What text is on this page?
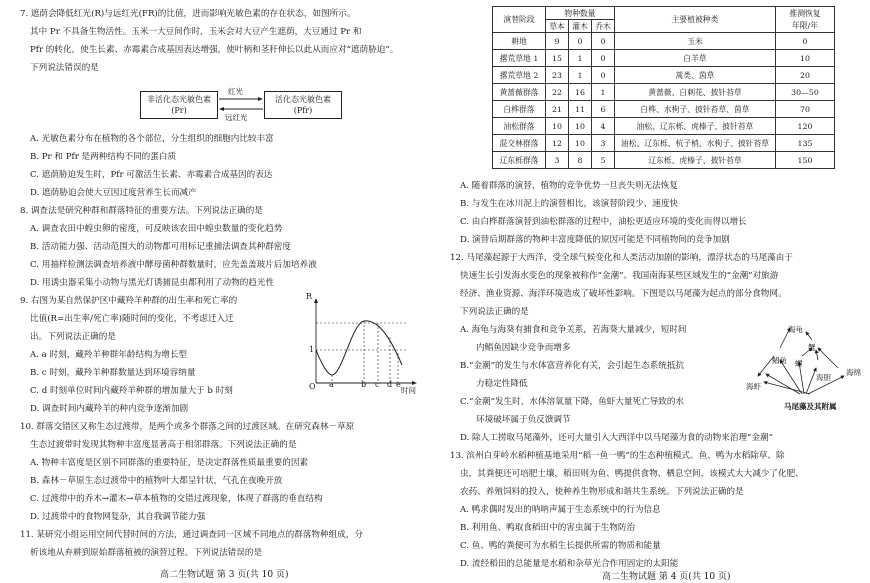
7. 遮荫会降低红光(R)与远红光(FR)的比值，进而影响光敏色素的存在状态，如图所示。
其中 Pr 不具备生物活性。玉米一大豆间作时，玉米会对大豆产生遮荫，大豆通过 Pr 和
Pfr 的转化，使生长素、赤霉素合成基因表达增强，使叶柄和茎秆伸长以此从而应对“遮荫胁迫”。
下列说法错误的是
非活化态光敏色素
(Pr)
活化态光敏色素
(Pfr)
红光
远红光
A. 光敏色素分布在植物的各个部位，分生组织的细胞内比较丰富
B. Pr 和 Pfr 是两种结构不同的蛋白质
C. 遮荫胁迫发生时，Pfr 可激活生长素、赤霉素合成基因的表达
D. 遮荫胁迫会使大豆因过度营养生长而减产
8. 调查法是研究种群和群落特征的重要方法。下列说法正确的是
A. 调查农田中蝗虫卵的密度，可反映该农田中蝗虫数量的变化趋势
B. 活动能力强、活动范围大的动物都可用标记重捕法调查其种群密度
C. 用抽样检测法调查培养液中酵母菌种群数量时，应先盖盖玻片后加培养液
D. 用诱虫器采集小动物与黑光灯诱捕昆虫都利用了动物的趋光性
9. 右图为某自然保护区中藏羚羊种群的出生率和死亡率的
比值(R=出生率/死亡率)随时间的变化，不考虑迁入迁
出。下列说法正确的是
R
1
O a	b c d e
时间
A. a 时刻，藏羚羊种群年龄结构为增长型
B. c 时刻，藏羚羊种群数量达到环境容纳量
C. d 时刻单位时间内藏羚羊种群的增加量大于 b 时刻
D. 调查时间内藏羚羊的种内竞争逐渐加剧
10. 群落交错区又称生态过渡带，是两个或多个群落之间的过渡区域。在研究森林－草原
生态过渡带时发现其物种丰富度显著高于相邻群落。下列说法正确的是
A. 物种丰富度是区别不同群落的重要特征，是决定群落性质最重要的因素
B. 森林－草原生态过渡带中的植物叶大都呈针状，气孔在夜晚开放
C. 过渡带中的乔木→灌木→草本植物的交错过渡现象，体现了群落的垂直结构
D. 过渡带中的食物网复杂，其自我调节能力强
11. 某研究小组运用空间代替时间的方法，通过调查同一区域不同地点的群落物种组成，分
析该地从弃耕到原始群落植被的演替过程。下列说法错误的是
高二生物试题 第 3 页(共 10 页)
演替阶段	物种数量			主要植被种类	推测恢复
年限/年

	草本	灌木	乔木		
耕地	9	0	0	玉米	0
撂荒草地 1	15	1	0	白羊草	10
撂荒草地 2	23	1	0	蒿类、茵草	20
黄蔷薇群落	22	16	1	黄蔷薇、白刺花、披针苔草	30—50
白桦群落	21	11	6	白桦、水枸子、披针苔草、茵草	70
油松群落	10	10	4	油松、辽东栎、虎榛子、披针苔草	120
混交林群落	12	10	3	油松、辽东栎、杭子梢、水枸子、披针苔草	135
辽东栎群落	3	8	5	辽东栎、虎榛子、披针苔草	150
A. 随着群落的演替，植物的竞争优势一旦丧失则无法恢复
B. 与发生在冰川泥上的演替相比，该演替阶段少、速度快
C. 由白桦群落演替到油松群落的过程中，油松更适应环境的变化而得以增长
D. 演替后期群落的物种丰富度降低的原因可能是不同植物间的竞争加剧
12. 马尾藻起源于大西洋，受全球气候变化和人类活动加剧的影响，漂浮状态的马尾藻由于
快速生长引发海水变色的现象被称作“金潮”。我国南海某些区域发生的“金潮”对旅游
经济、渔业资源、海洋环境造成了破坏性影响。下图是以马尾藻为起点的部分食物网。
下列说法正确的是
A. 海龟与海葵有捕食和竞争关系，若海葵大量减少，短时间
内鲳鱼因缺少竞争而增多
B.“金潮”的发生与水体富营养化有关，会引起生态系统抵抗
力稳定性降低
C.“金潮”发生时，水体溶氧量下降，鱼虾大量死亡导致的水
环境破坏属于负反馈调节
D. 除人工捞取马尾藻外，还可大量引入大西洋中以马尾藻为食的动物来治理“金潮”
海龟
鲳鱼
蟹
螺
海绵
海胆
海虾
马尾藻及其附属
13. 滨州白芽岭水稻种植基地采用“稻一鱼一鸭”的生态种植模式。鱼、鸭为水稻除草、除
虫，其粪便还可培肥土壤，稻田则为鱼、鸭提供食物、栖息空间，该模式大大减少了化肥、
农药、养殖饲料的投入，使种养生物形成和谐共生系统。下列说法正确的是
A. 鸭求偶时发出的呐呐声属于生态系统中的行为信息
B. 利用鱼、鸭取食稻田中的害虫属于生物防治
C. 鱼、鸭的粪便可为水稻生长提供所需的物质和能量
D. 流经稻田的总能量是水稻和杂草光合作用固定的太阳能
高二生物试题 第 4 页(共 10 页)
